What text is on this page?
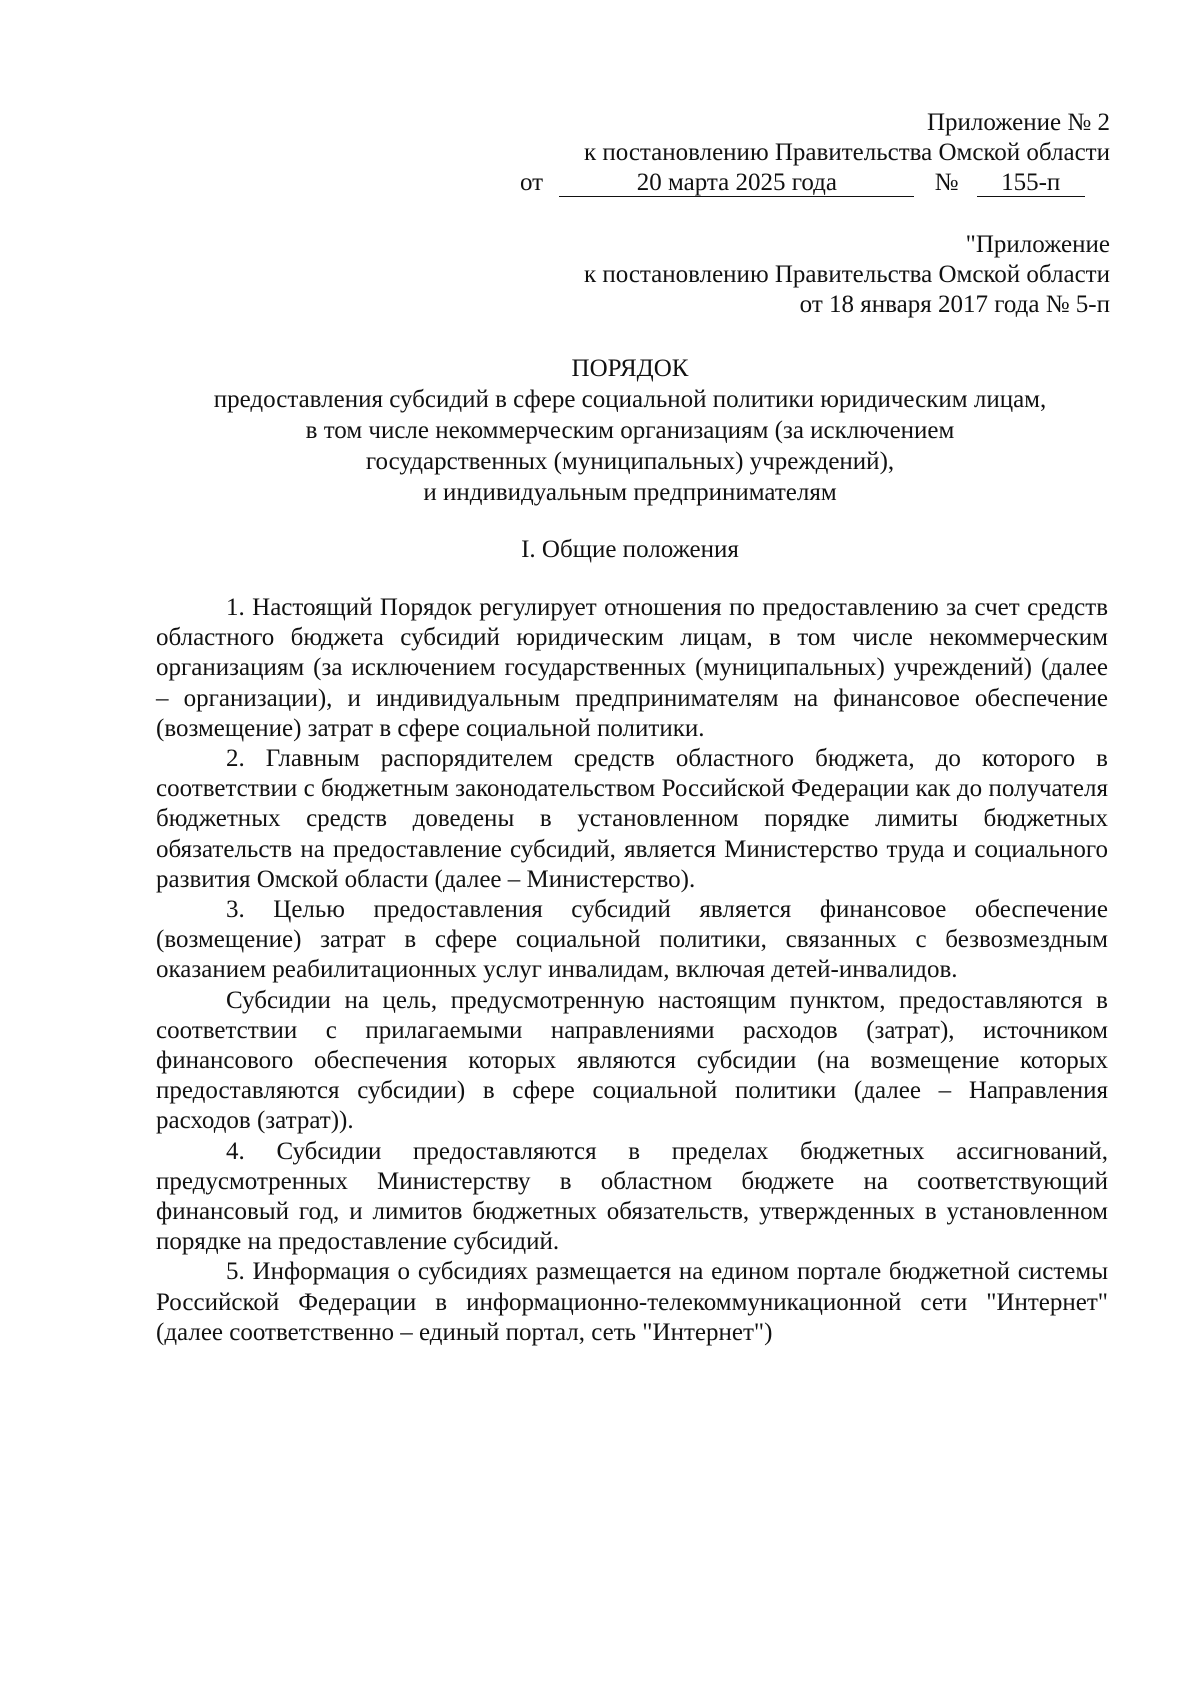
Приложение № 2
к постановлению Правительства Омской области
от	20 марта 2025 года	№ 155-п
"Приложение
к постановлению Правительства Омской области
от 18 января 2017 года № 5-п
ПОРЯДОК
предоставления субсидий в сфере социальной политики юридическим лицам,
в том числе некоммерческим организациям (за исключением
государственных (муниципальных) учреждений),
и индивидуальным предпринимателям
I. Общие положения

1. Настоящий Порядок регулирует отношения по предоставлению за счет средств областного бюджета субсидий юридическим лицам, в том числе некоммерческим организациям (за исключением государственных (муниципальных) учреждений) (далее – организации), и индивидуальным предпринимателям на финансовое обеспечение (возмещение) затрат в сфере социальной политики.

2. Главным распорядителем средств областного бюджета, до которого в соответствии с бюджетным законодательством Российской Федерации как до получателя бюджетных средств доведены в установленном порядке лимиты бюджетных обязательств на предоставление субсидий, является Министерство труда и социального развития Омской области (далее – Министерство).

3. Целью предоставления субсидий является финансовое обеспечение (возмещение) затрат в сфере социальной политики, связанных с безвозмездным оказанием реабилитационных услуг инвалидам, включая детей-инвалидов.

Субсидии на цель, предусмотренную настоящим пунктом, предоставляются в соответствии с прилагаемыми направлениями расходов (затрат), источником финансового обеспечения которых являются субсидии (на возмещение которых предоставляются субсидии) в сфере социальной политики (далее – Направления расходов (затрат)).

4. Субсидии предоставляются в пределах бюджетных ассигнований, предусмотренных Министерству в областном бюджете на соответствующий финансовый год, и лимитов бюджетных обязательств, утвержденных в установленном порядке на предоставление субсидий.

5. Информация о субсидиях размещается на едином портале бюджетной системы Российской Федерации в информационно-телекоммуникационной сети "Интернет" (далее соответственно – единый портал, сеть "Интернет")
